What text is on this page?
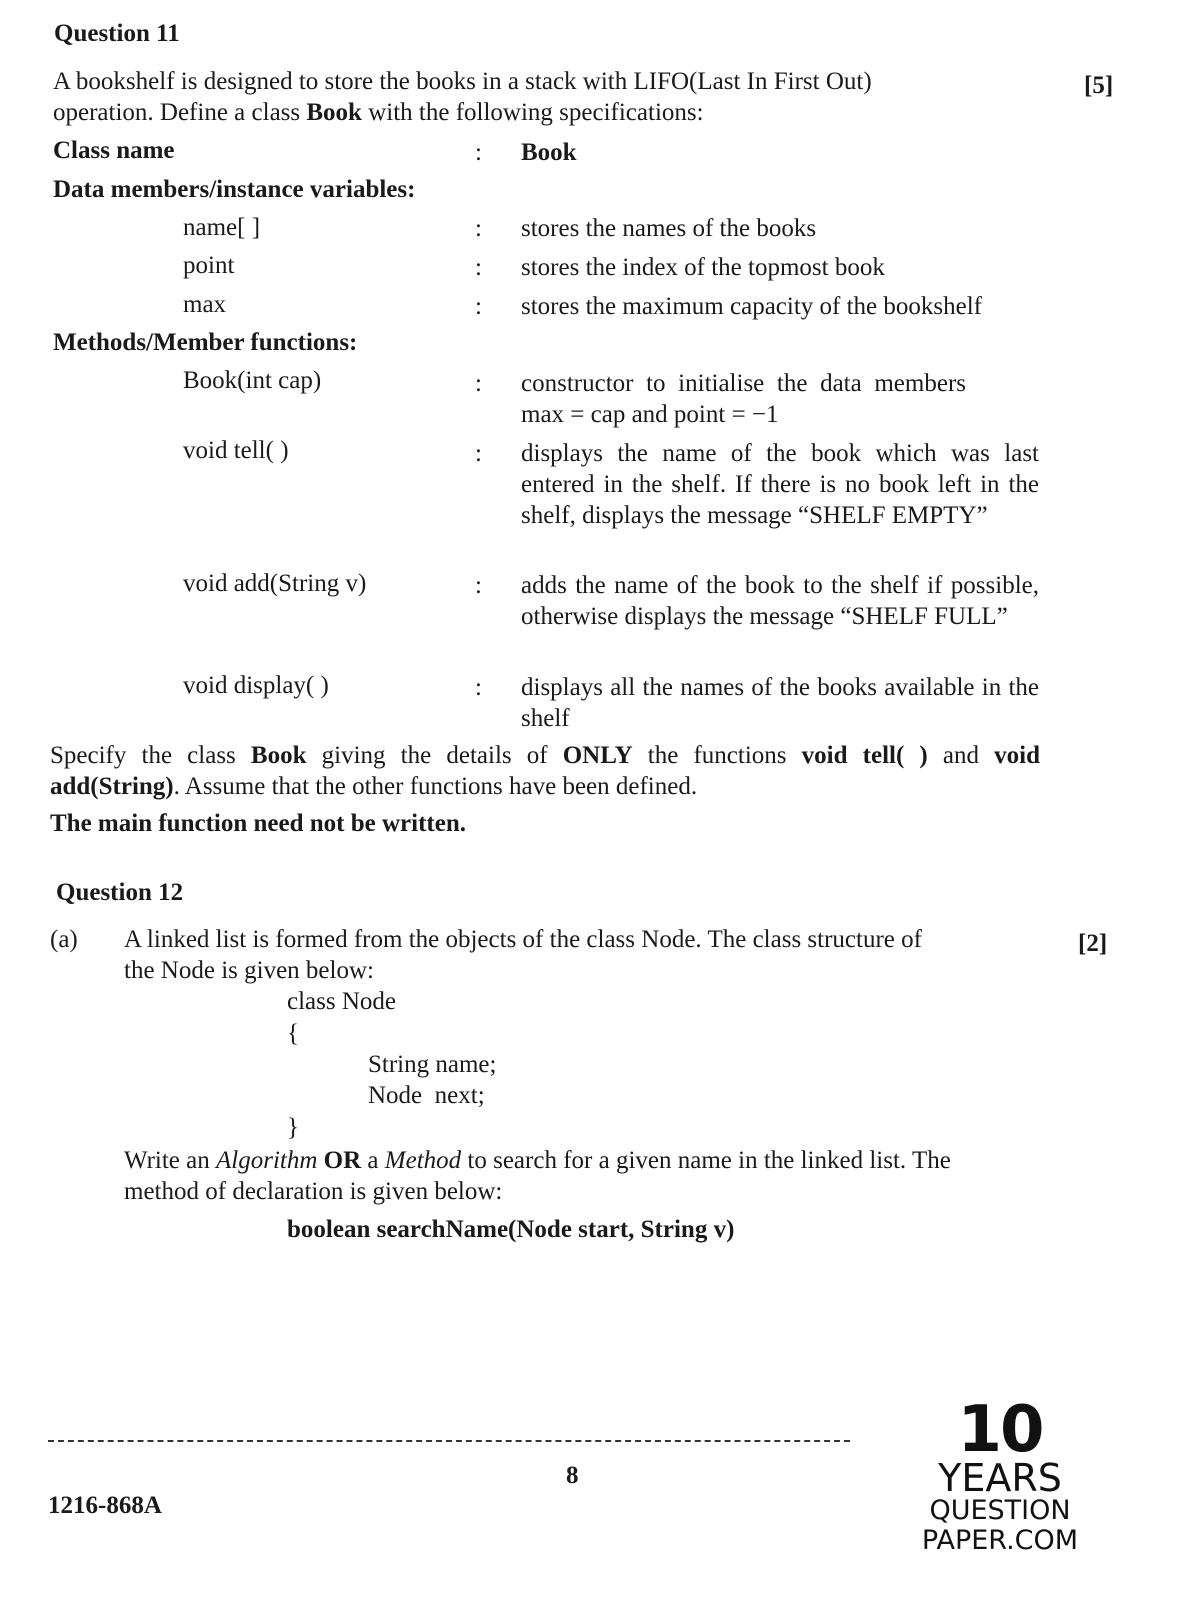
Question 11

[5]

A bookshelf is designed to store the books in a stack with LIFO(Last In First Out)

operation. Define a class Book with the following specifications:

Class name	: Book

Data members/instance variables:

name[ ]	: stores the names of the books

point	: stores the index of the topmost book

max	: stores the maximum capacity of the bookshelf

Methods/Member functions:

Book(int cap)	: constructor to initialise the data members max = cap and point = −1

void tell( )	: displays the name of the book which was last entered in the shelf. If there is no book left in the shelf, displays the message “SHELF EMPTY”

void add(String v)	: adds the name of the book to the shelf if possible, otherwise displays the message “SHELF FULL”

void display( )	: displays all the names of the books available in the shelf

Specify the class Book giving the details of ONLY the functions void tell( ) and void add(String). Assume that the other functions have been defined.

The main function need not be written.

Question 12

(a)	[2]

A linked list is formed from the objects of the class Node. The class structure of

the Node is given below:

class Node

{

String name;

Node  next;

}

Write an Algorithm OR a Method to search for a given name in the linked list. The

method of declaration is given below:

boolean searchName(Node start, String v)

8

1216-868A

10
YEARS
QUESTION PAPER.COM
